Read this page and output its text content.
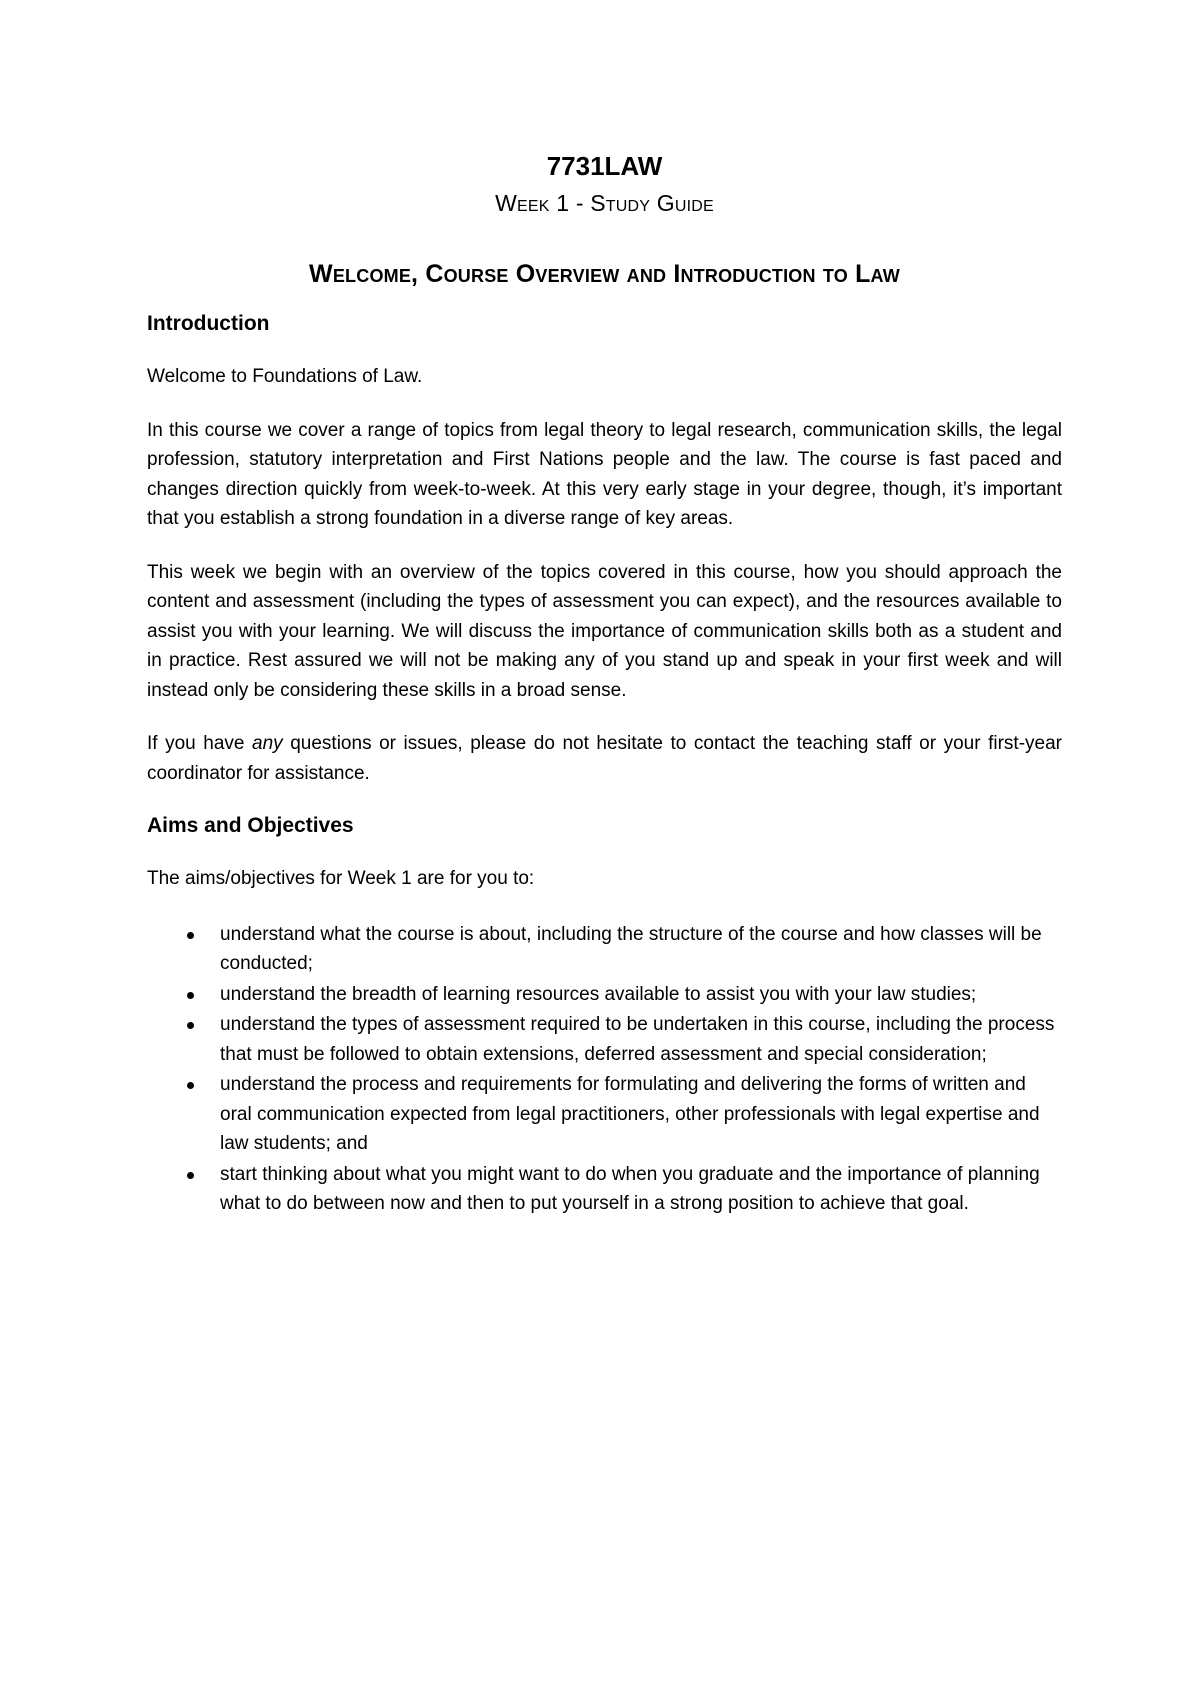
7731LAW
Week 1 - Study Guide
Welcome, Course Overview and Introduction to Law
Introduction

Welcome to Foundations of Law.

In this course we cover a range of topics from legal theory to legal research, communication skills, the legal profession, statutory interpretation and First Nations people and the law. The course is fast paced and changes direction quickly from week-to-week. At this very early stage in your degree, though, it’s important that you establish a strong foundation in a diverse range of key areas.

This week we begin with an overview of the topics covered in this course, how you should approach the content and assessment (including the types of assessment you can expect), and the resources available to assist you with your learning. We will discuss the importance of communication skills both as a student and in practice. Rest assured we will not be making any of you stand up and speak in your first week and will instead only be considering these skills in a broad sense.

If you have any questions or issues, please do not hesitate to contact the teaching staff or your first-year coordinator for assistance.

Aims and Objectives

The aims/objectives for Week 1 are for you to:

understand what the course is about, including the structure of the course and how classes will be conducted;
understand the breadth of learning resources available to assist you with your law studies;
understand the types of assessment required to be undertaken in this course, including the process that must be followed to obtain extensions, deferred assessment and special consideration;
understand the process and requirements for formulating and delivering the forms of written and oral communication expected from legal practitioners, other professionals with legal expertise and law students; and
start thinking about what you might want to do when you graduate and the importance of planning what to do between now and then to put yourself in a strong position to achieve that goal.
